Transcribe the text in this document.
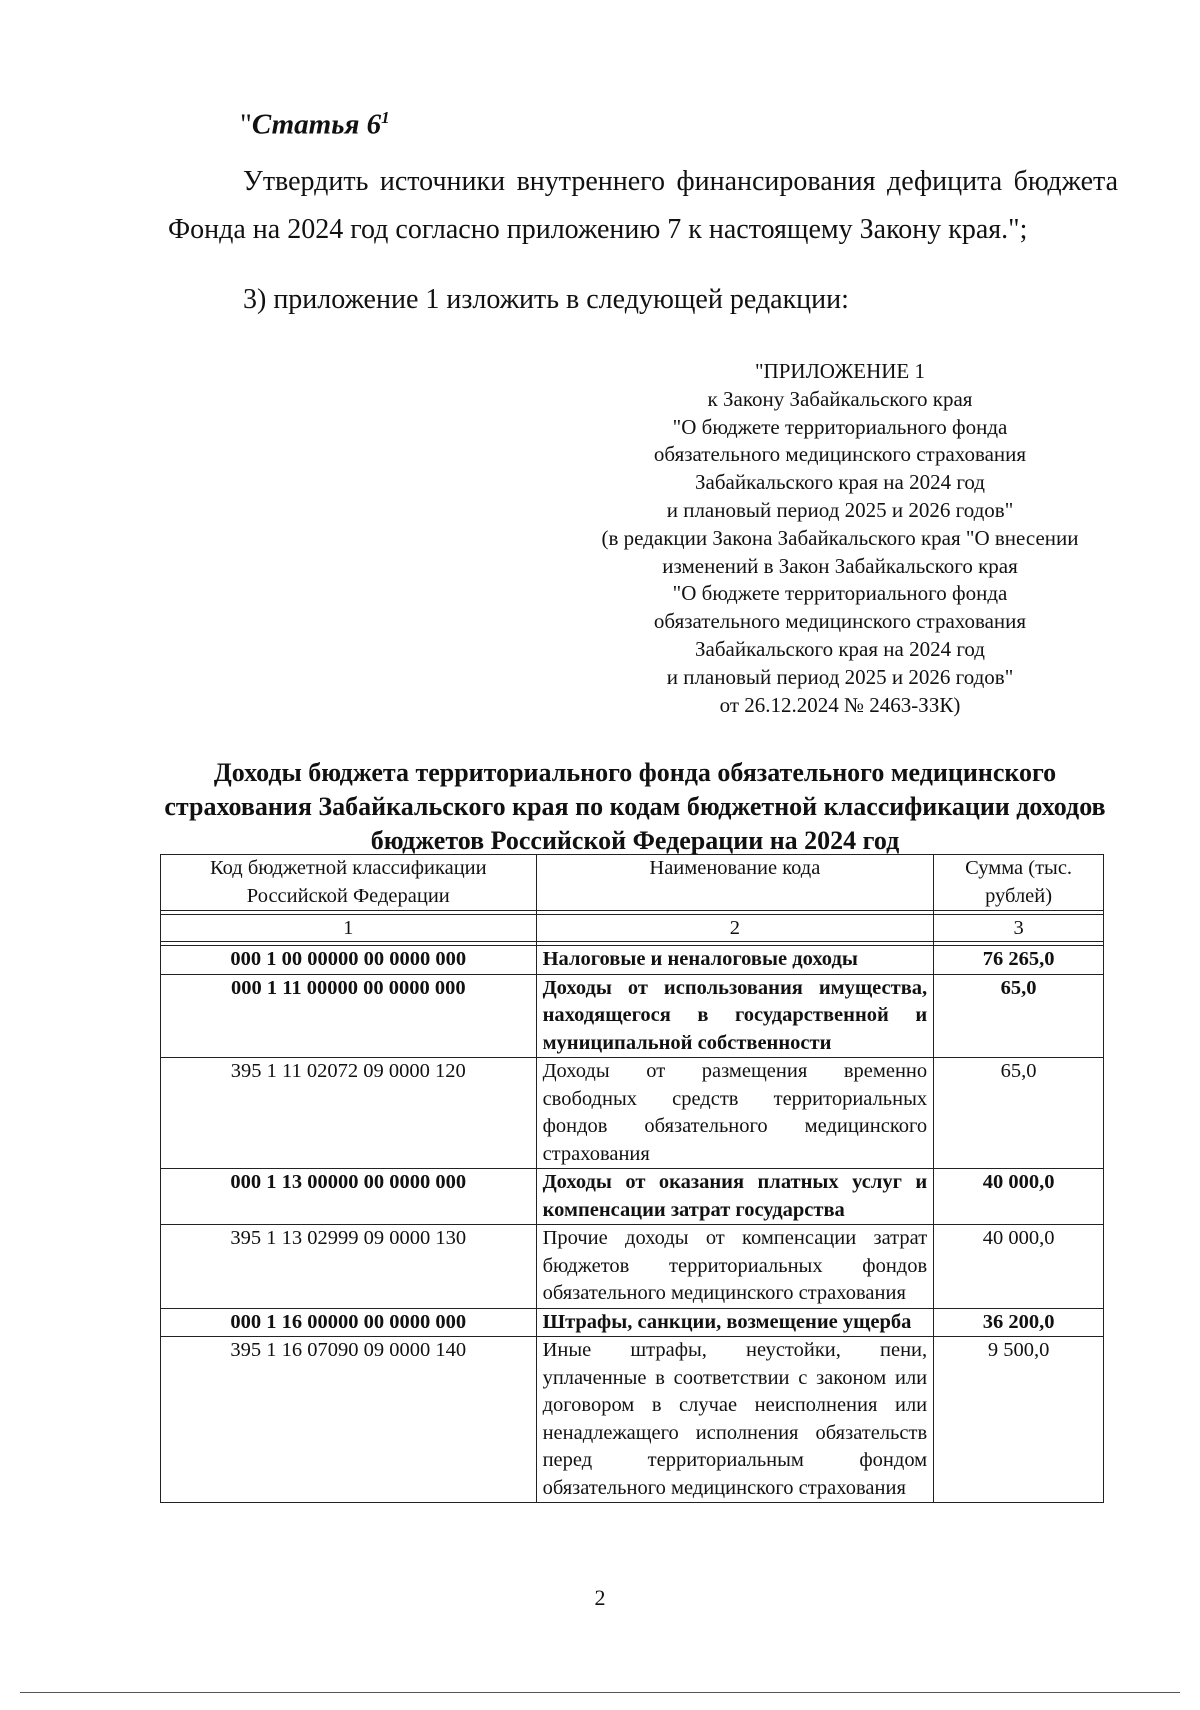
"Статья $6^1$
Утвердить источники внутреннего финансирования дефицита бюджета Фонда на 2024 год согласно приложению 7 к настоящему Закону края.";
3) приложение 1 изложить в следующей редакции:
"ПРИЛОЖЕНИЕ 1
к Закону Забайкальского края
"О бюджете территориального фонда
обязательного медицинского страхования
Забайкальского края на 2024 год
и плановый период 2025 и 2026 годов"
(в редакции Закона Забайкальского края "О внесении
изменений в Закон Забайкальского края
"О бюджете территориального фонда
обязательного медицинского страхования
Забайкальского края на 2024 год
и плановый период 2025 и 2026 годов"
от 26.12.2024 № 2463-ЗЗК)
Доходы бюджета территориального фонда обязательного медицинского страхования Забайкальского края по кодам бюджетной классификации доходов бюджетов Российской Федерации на 2024 год
Код бюджетной классификации Российской Федерации	Наименование кода	Сумма (тыс. рублей)

1	2	3

000 1 00 00000 00 0000 000	Налоговые и неналоговые доходы	76 265,0
000 1 11 00000 00 0000 000	Доходы от использования имущества, находящегося в государственной и муниципальной собственности	65,0
395 1 11 02072 09 0000 120	Доходы от размещения временно свободных средств территориальных фондов обязательного медицинского страхования	65,0
000 1 13 00000 00 0000 000	Доходы от оказания платных услуг и компенсации затрат государства	40 000,0
395 1 13 02999 09 0000 130	Прочие доходы от компенсации затрат бюджетов территориальных фондов обязательного медицинского страхования	40 000,0
000 1 16 00000 00 0000 000	Штрафы, санкции, возмещение ущерба	36 200,0
395 1 16 07090 09 0000 140	Иные штрафы, неустойки, пени, уплаченные в соответствии с законом или договором в случае неисполнения или ненадлежащего исполнения обязательств перед территориальным фондом обязательного медицинского страхования	9 500,0
2
